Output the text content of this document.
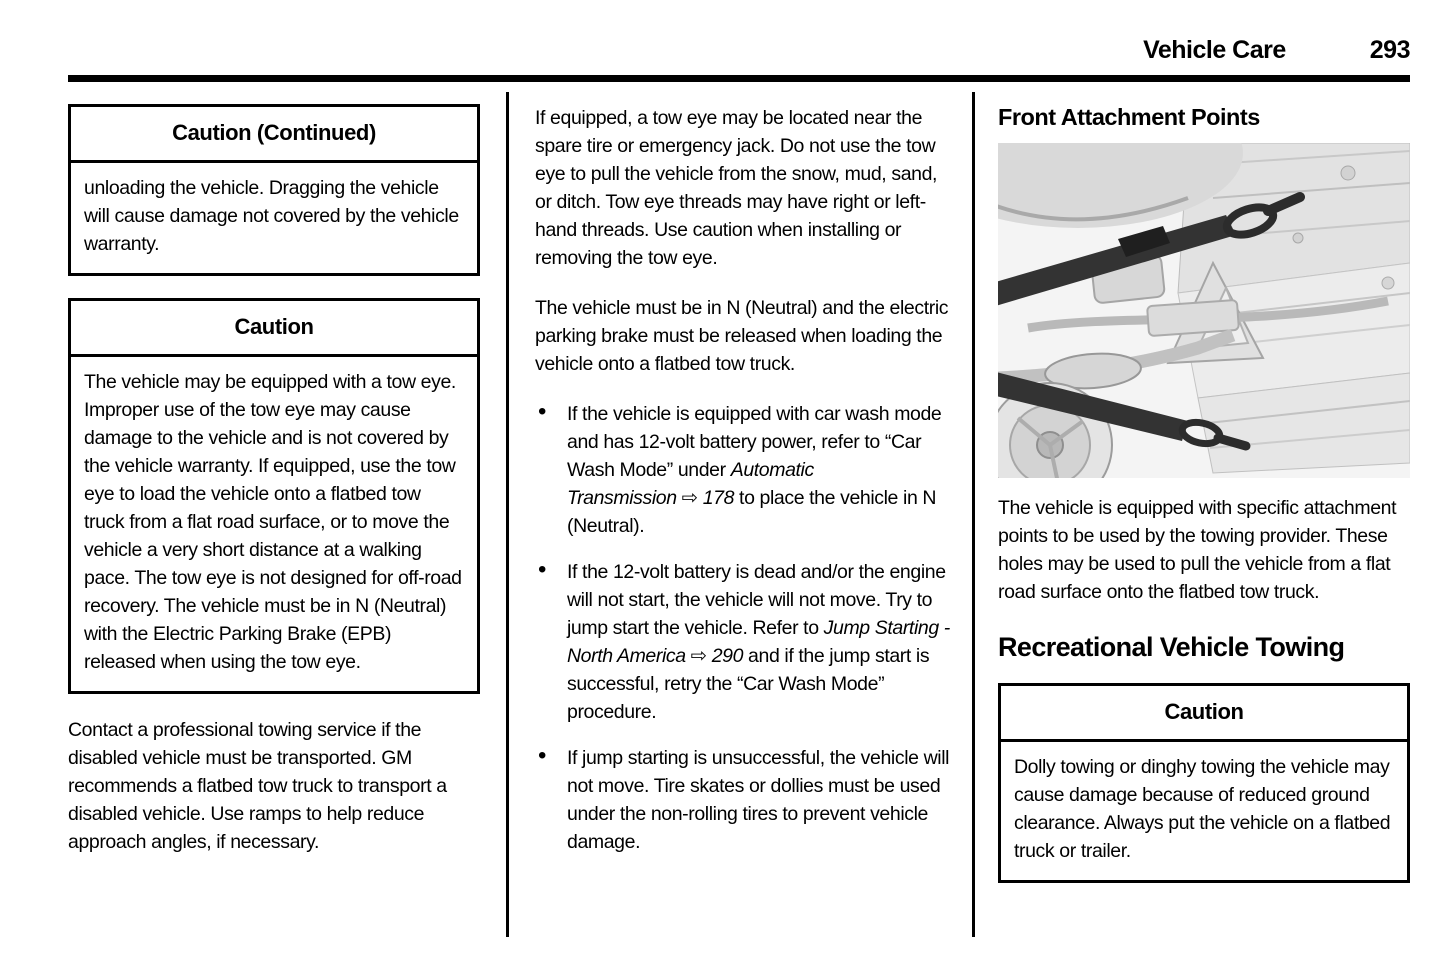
Vehicle Care	293
Caution (Continued)
unloading the vehicle. Dragging the vehicle will cause damage not covered by the vehicle warranty.
Caution
The vehicle may be equipped with a tow eye. Improper use of the tow eye may cause damage to the vehicle and is not covered by the vehicle warranty. If equipped, use the tow eye to load the vehicle onto a flatbed tow truck from a flat road surface, or to move the vehicle a very short distance at a walking pace. The tow eye is not designed for off-road recovery. The vehicle must be in N (Neutral) with the Electric Parking Brake (EPB) released when using the tow eye.

Contact a professional towing service if the disabled vehicle must be transported. GM recommends a flatbed tow truck to transport a disabled vehicle. Use ramps to help reduce approach angles, if necessary.

If equipped, a tow eye may be located near the spare tire or emergency jack. Do not use the tow eye to pull the vehicle from the snow, mud, sand, or ditch. Tow eye threads may have right or left-hand threads. Use caution when installing or removing the tow eye.

The vehicle must be in N (Neutral) and the electric parking brake must be released when loading the vehicle onto a flatbed tow truck.

• If the vehicle is equipped with car wash mode and has 12-volt battery power, refer to “Car Wash Mode” under Automatic Transmission ⇨ 178 to place the vehicle in N (Neutral).
• If the 12-volt battery is dead and/or the engine will not start, the vehicle will not move. Try to jump start the vehicle. Refer to Jump Starting - North America ⇨ 290 and if the jump start is successful, retry the “Car Wash Mode” procedure.
• If jump starting is unsuccessful, the vehicle will not move. Tire skates or dollies must be used under the non-rolling tires to prevent vehicle damage.
Front Attachment Points

The vehicle is equipped with specific attachment points to be used by the towing provider. These holes may be used to pull the vehicle from a flat road surface onto the flatbed tow truck.

Recreational Vehicle Towing
Caution
Dolly towing or dinghy towing the vehicle may cause damage because of reduced ground clearance. Always put the vehicle on a flatbed truck or trailer.
